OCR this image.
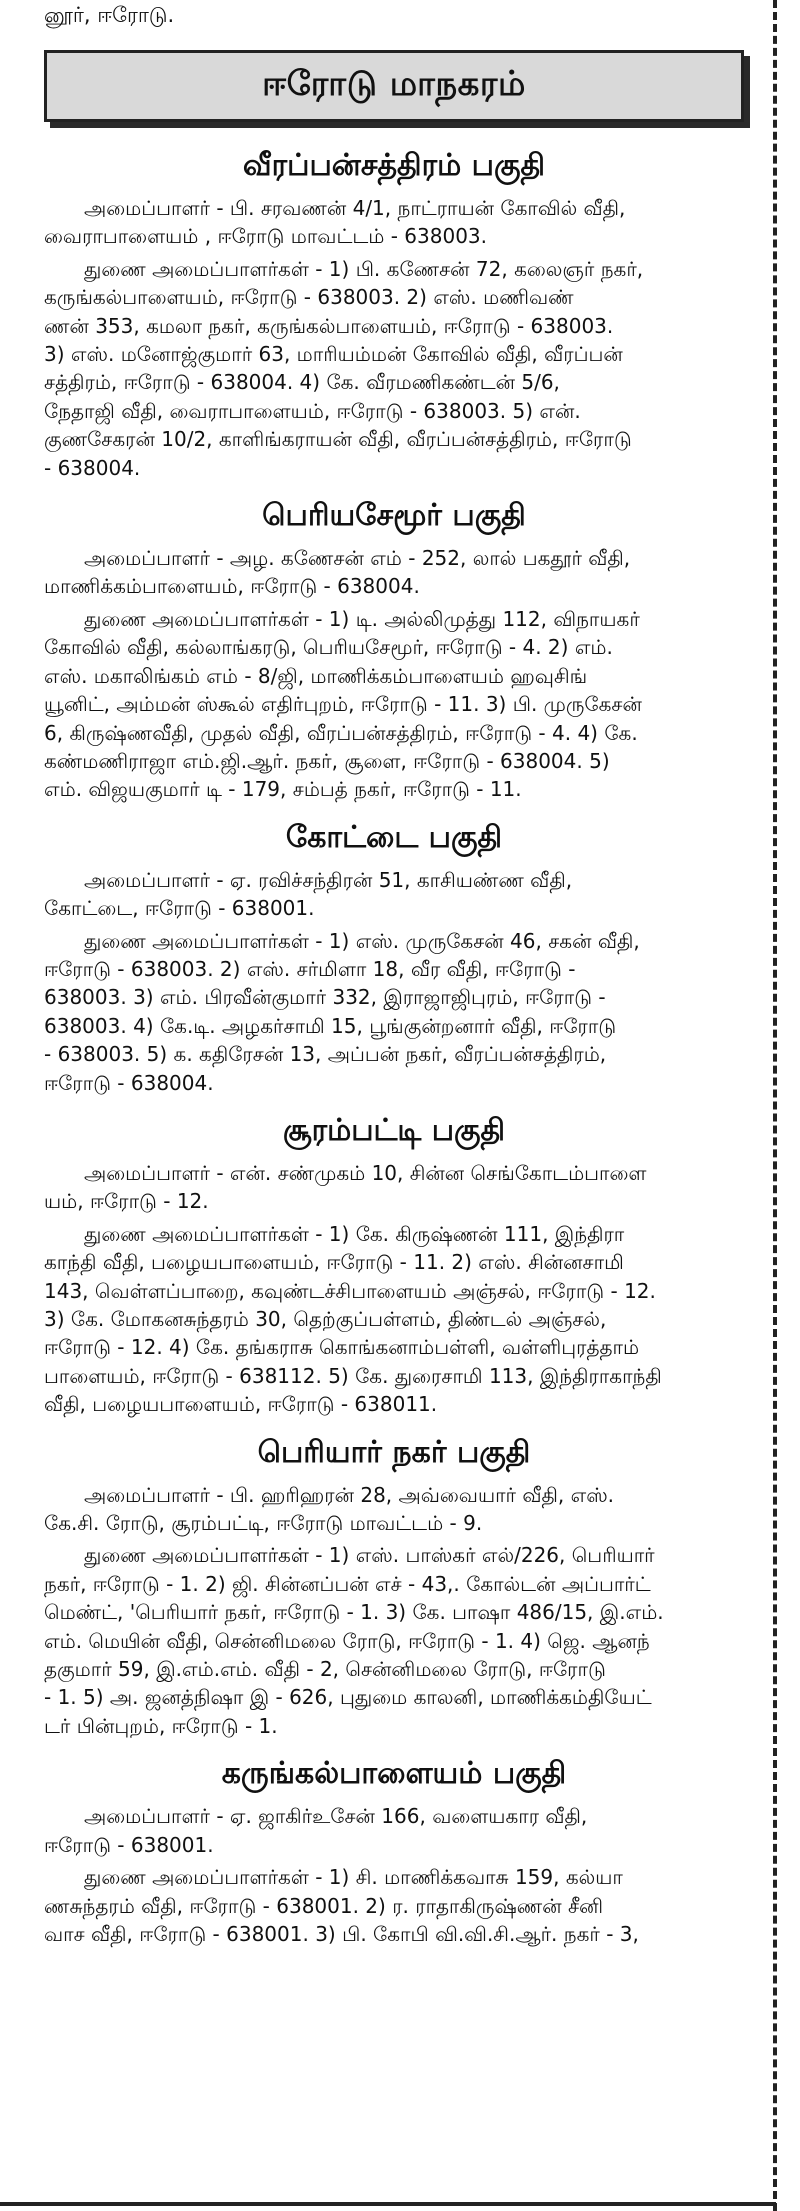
னூர், ஈரோடு.

ஈரோடு மாநகரம்
வீரப்பன்சத்திரம் பகுதி

அமைப்பாளர் - பி. சரவணன் 4/1, நாட்ராயன் கோவில் வீதி,
வைராபாளையம் , ஈரோடு மாவட்டம் - 638003.

துணை அமைப்பாளர்கள் - 1) பி. கணேசன் 72, கலைஞர் நகர்,
கருங்கல்பாளையம், ஈரோடு - 638003. 2) எஸ். மணிவண்
ணன் 353, கமலா நகர், கருங்கல்பாளையம், ஈரோடு - 638003.
3) எஸ். மனோஜ்குமார் 63, மாரியம்மன் கோவில் வீதி, வீரப்பன்
சத்திரம், ஈரோடு - 638004. 4) கே. வீரமணிகண்டன் 5/6,
நேதாஜி வீதி, வைராபாளையம், ஈரோடு - 638003. 5) என்.
குணசேகரன் 10/2, காளிங்கராயன் வீதி, வீரப்பன்சத்திரம், ஈரோடு
- 638004.

பெரியசேமூர் பகுதி

அமைப்பாளர் - அழ. கணேசன் எம் - 252, லால் பகதூர் வீதி,
மாணிக்கம்பாளையம், ஈரோடு - 638004.

துணை அமைப்பாளர்கள் - 1) டி. அல்லிமுத்து 112, விநாயகர்
கோவில் வீதி, கல்லாங்கரடு, பெரியசேமூர், ஈரோடு - 4. 2) எம்.
எஸ். மகாலிங்கம் எம் - 8/ஜி, மாணிக்கம்பாளையம் ஹவுசிங்
யூனிட், அம்மன் ஸ்கூல் எதிர்புறம், ஈரோடு - 11. 3) பி. முருகேசன்
6, கிருஷ்ணவீதி, முதல் வீதி, வீரப்பன்சத்திரம், ஈரோடு - 4. 4) கே.
கண்மணிராஜா எம்.ஜி.ஆர். நகர், சூளை, ஈரோடு - 638004. 5)
எம். விஜயகுமார் டி - 179, சம்பத் நகர், ஈரோடு - 11.

கோட்டை பகுதி

அமைப்பாளர் - ஏ. ரவிச்சந்திரன் 51, காசியண்ண வீதி,
கோட்டை, ஈரோடு - 638001.

துணை அமைப்பாளர்கள் - 1) எஸ். முருகேசன் 46, சகன் வீதி,
ஈரோடு - 638003. 2) எஸ். சர்மிளா 18, வீர வீதி, ஈரோடு -
638003. 3) எம். பிரவீன்குமார் 332, இராஜாஜிபுரம், ஈரோடு -
638003. 4) கே.டி. அழகர்சாமி 15, பூங்குன்றனார் வீதி, ஈரோடு
- 638003. 5) க. கதிரேசன் 13, அப்பன் நகர், வீரப்பன்சத்திரம்,
ஈரோடு - 638004.

சூரம்பட்டி பகுதி

அமைப்பாளர் - என். சண்முகம் 10, சின்ன செங்கோடம்பாளை
யம், ஈரோடு - 12.

துணை அமைப்பாளர்கள் - 1) கே. கிருஷ்ணன் 111, இந்திரா
காந்தி வீதி, பழையபாளையம், ஈரோடு - 11. 2) எஸ். சின்னசாமி
143, வெள்ளப்பாறை, கவுண்டச்சிபாளையம் அஞ்சல், ஈரோடு - 12.
3) கே. மோகனசுந்தரம் 30, தெற்குப்பள்ளம், திண்டல் அஞ்சல்,
ஈரோடு - 12. 4) கே. தங்கராசு கொங்கனாம்பள்ளி, வள்ளிபுரத்தாம்
பாளையம், ஈரோடு - 638112. 5) கே. துரைசாமி 113, இந்திராகாந்தி
வீதி, பழையபாளையம், ஈரோடு - 638011.

பெரியார் நகர் பகுதி

அமைப்பாளர் - பி. ஹரிஹரன் 28, அவ்வையார் வீதி, எஸ்.
கே.சி. ரோடு, சூரம்பட்டி, ஈரோடு மாவட்டம் - 9.

துணை அமைப்பாளர்கள் - 1) எஸ். பாஸ்கர் எல்/226, பெரியார்
நகர், ஈரோடு - 1. 2) ஜி. சின்னப்பன் எச் - 43,. கோல்டன் அப்பார்ட்
மெண்ட், 'பெரியார் நகர், ஈரோடு - 1. 3) கே. பாஷா 486/15, இ.எம்.
எம். மெயின் வீதி, சென்னிமலை ரோடு, ஈரோடு - 1. 4) ஜெ. ஆனந்
தகுமார் 59, இ.எம்.எம். வீதி - 2, சென்னிமலை ரோடு, ஈரோடு
- 1. 5) அ. ஜனத்நிஷா இ - 626, புதுமை காலனி, மாணிக்கம்தியேட்
டர் பின்புறம், ஈரோடு - 1.

கருங்கல்பாளையம் பகுதி

அமைப்பாளர் - ஏ. ஜாகிர்உசேன் 166, வளையகார வீதி,
ஈரோடு - 638001.

துணை அமைப்பாளர்கள் - 1) சி. மாணிக்கவாசு 159, கல்யா
ணசுந்தரம் வீதி, ஈரோடு - 638001. 2) ர. ராதாகிருஷ்ணன் சீனி
வாச வீதி, ஈரோடு - 638001. 3) பி. கோபி வி.வி.சி.ஆர். நகர் - 3,
